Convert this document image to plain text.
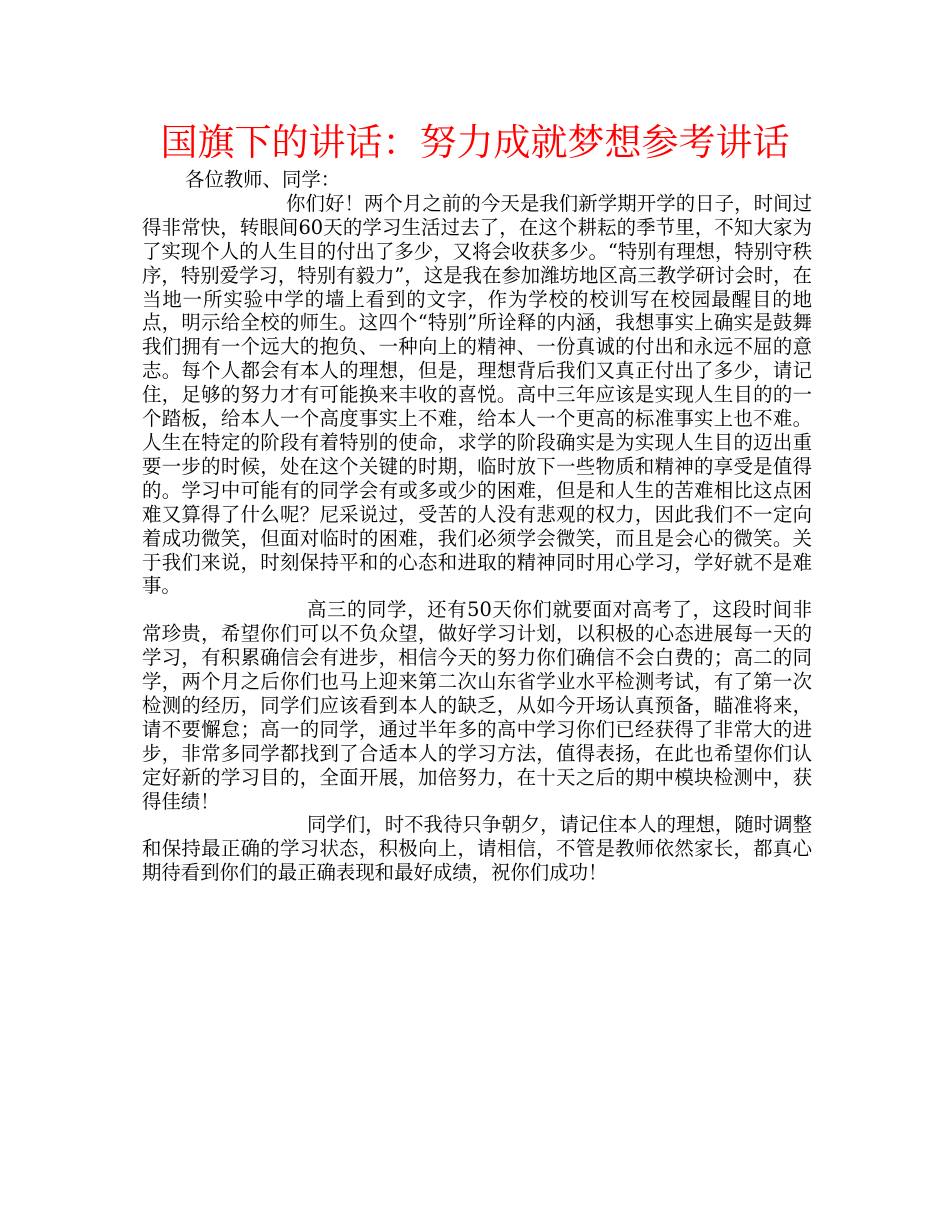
国旗下的讲话：努力成就梦想参考讲话

各位教师、同学：

你们好！两个月之前的今天是我们新学期开学的日子，时间过得非常快，转眼间60天的学习生活过去了，在这个耕耘的季节里，不知大家为了实现个人的人生目的付出了多少，又将会收获多少。“特别有理想，特别守秩序，特别爱学习，特别有毅力”，这是我在参加潍坊地区高三教学研讨会时，在当地一所实验中学的墙上看到的文字，作为学校的校训写在校园最醒目的地点，明示给全校的师生。这四个“特别”所诠释的内涵，我想事实上确实是鼓舞我们拥有一个远大的抱负、一种向上的精神、一份真诚的付出和永远不屈的意志。每个人都会有本人的理想，但是，理想背后我们又真正付出了多少，请记住，足够的努力才有可能换来丰收的喜悦。高中三年应该是实现人生目的的一个踏板，给本人一个高度事实上不难，给本人一个更高的标准事实上也不难。人生在特定的阶段有着特别的使命，求学的阶段确实是为实现人生目的迈出重要一步的时候，处在这个关键的时期，临时放下一些物质和精神的享受是值得的。学习中可能有的同学会有或多或少的困难，但是和人生的苦难相比这点困难又算得了什么呢？尼采说过，受苦的人没有悲观的权力，因此我们不一定向着成功微笑，但面对临时的困难，我们必须学会微笑，而且是会心的微笑。关于我们来说，时刻保持平和的心态和进取的精神同时用心学习，学好就不是难事。

高三的同学，还有50天你们就要面对高考了，这段时间非常珍贵，希望你们可以不负众望，做好学习计划，以积极的心态进展每一天的学习，有积累确信会有进步，相信今天的努力你们确信不会白费的；高二的同学，两个月之后你们也马上迎来第二次山东省学业水平检测考试，有了第一次检测的经历，同学们应该看到本人的缺乏，从如今开场认真预备，瞄准将来，请不要懈怠；高一的同学，通过半年多的高中学习你们已经获得了非常大的进步，非常多同学都找到了合适本人的学习方法，值得表扬，在此也希望你们认定好新的学习目的，全面开展，加倍努力，在十天之后的期中模块检测中，获得佳绩！

同学们，时不我待只争朝夕，请记住本人的理想，随时调整和保持最正确的学习状态，积极向上，请相信，不管是教师依然家长，都真心期待看到你们的最正确表现和最好成绩，祝你们成功！
